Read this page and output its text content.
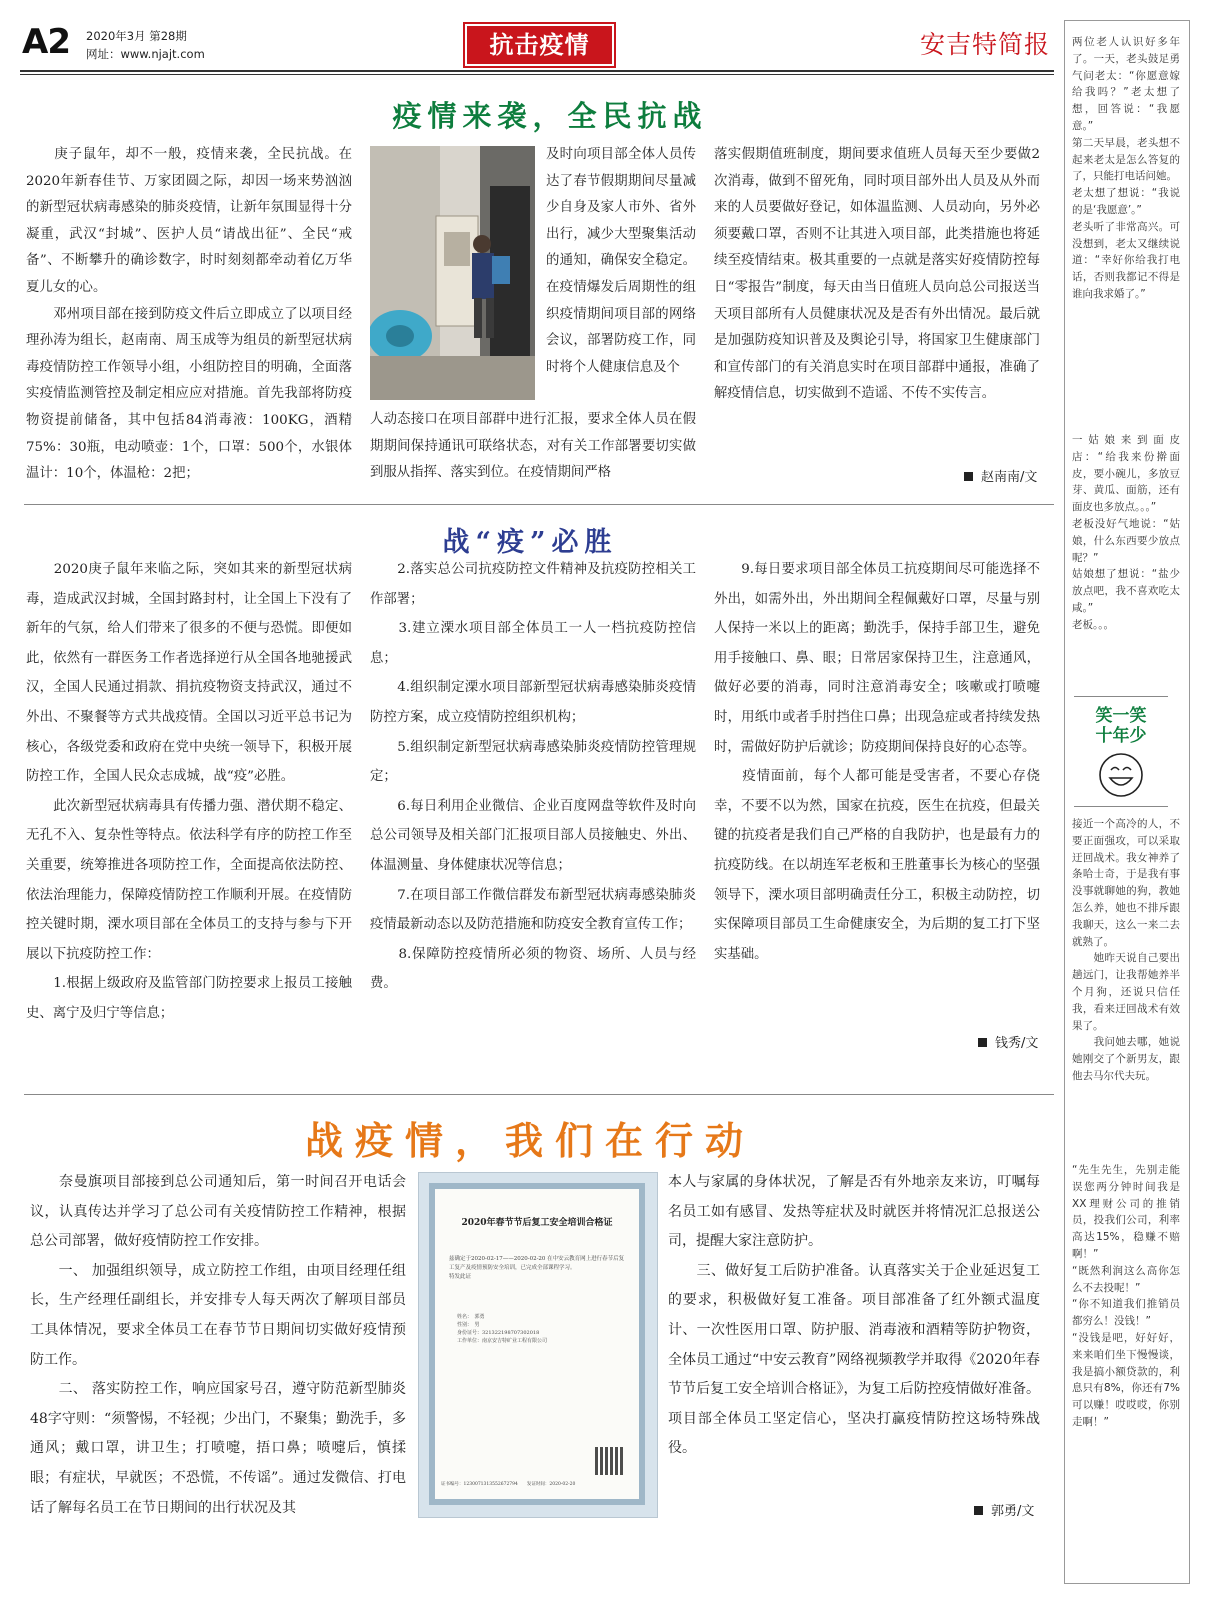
A2 2020年3月 第28期
网址：www.njajt.com	抗击疫情	安吉特简报 两位老人认识好多年了。一天，老头鼓足勇气问老太：“你愿意嫁给我吗？”老太想了想，回答说：“我愿意。”
第二天早晨，老头想不起来老太是怎么答复的了，只能打电话问她。
老太想了想说：“我说的是‘我愿意’。”
老头听了非常高兴。可没想到，老太又继续说道：“幸好你给我打电话，否则我都记不得是谁向我求婚了。”
一姑娘来到面皮店：“给我来份擀面皮，要小碗儿，多放豆芽、黄瓜、面筋，还有面皮也多放点。。。”
老板没好气地说：“姑娘，什么东西要少放点呢？”
姑娘想了想说：“盐少放点吧，我不喜欢吃太咸。”
老板。。。
笑一笑十年少
接近一个高冷的人，不要正面强攻，可以采取迂回战术。我女神养了条哈士奇，于是我有事没事就聊她的狗，教她怎么养，她也不排斥跟我聊天，这么一来二去就熟了。
　　她昨天说自己要出趟远门，让我帮她养半个月狗，还说只信任我，看来迂回战术有效果了。
　　我问她去哪，她说她刚交了个新男友，跟他去马尔代夫玩。
“先生先生，先别走能误您两分钟时间我是XX理财公司的推销员，投我们公司，利率高达15%，稳赚不赔啊！”
“既然利润这么高你怎么不去投呢！”
“你不知道我们推销员都穷么！没钱！”
“没钱是吧，好好好，来来咱们坐下慢慢谈，我是搞小额贷款的，利息只有8%，你还有7%可以赚！哎哎哎，你别走啊！”
疫情来袭，全民抗战

　　庚子鼠年，却不一般，疫情来袭，全民抗战。在2020年新春佳节、万家团圆之际，却因一场来势汹汹的新型冠状病毒感染的肺炎疫情，让新年氛围显得十分凝重，武汉“封城”、医护人员“请战出征”、全民“戒备”、不断攀升的确诊数字，时时刻刻都牵动着亿万华夏儿女的心。
　　邓州项目部在接到防疫文件后立即成立了以项目经理孙涛为组长，赵南南、周玉成等为组员的新型冠状病毒疫情防控工作领导小组，小组防控目的明确，全面落实疫情监测管控及制定相应应对措施。首先我部将防疫物资提前储备，其中包括84消毒液：100KG，酒精75%：30瓶，电动喷壶：1个，口罩：500个，水银体温计：10个，体温枪：2把；

及时向项目部全体人员传达了春节假期期间尽量减少自身及家人市外、省外出行，减少大型聚集活动的通知，确保安全稳定。在疫情爆发后周期性的组织疫情期间项目部的网络会议，部署防疫工作，同时将个人健康信息及个

人动态接口在项目部群中进行汇报，要求全体人员在假期期间保持通讯可联络状态，对有关工作部署要切实做到服从指挥、落实到位。在疫情期间严格

落实假期值班制度，期间要求值班人员每天至少要做2次消毒，做到不留死角，同时项目部外出人员及从外而来的人员要做好登记，如体温监测、人员动向，另外必须要戴口罩，否则不让其进入项目部，此类措施也将延续至疫情结束。极其重要的一点就是落实好疫情防控每日“零报告”制度，每天由当日值班人员向总公司报送当天项目部所有人员健康状况及是否有外出情况。最后就是加强防疫知识普及及舆论引导，将国家卫生健康部门和宣传部门的有关消息实时在项目部群中通报，准确了解疫情信息，切实做到不造谣、不传不实传言。

赵南南/文
战“疫”必胜

　　2020庚子鼠年来临之际，突如其来的新型冠状病毒，造成武汉封城，全国封路封村，让全国上下没有了新年的气氛，给人们带来了很多的不便与恐慌。即便如此，依然有一群医务工作者选择逆行从全国各地驰援武汉，全国人民通过捐款、捐抗疫物资支持武汉，通过不外出、不聚餐等方式共战疫情。全国以习近平总书记为核心，各级党委和政府在党中央统一领导下，积极开展防控工作，全国人民众志成城，战“疫”必胜。
　　此次新型冠状病毒具有传播力强、潜伏期不稳定、无孔不入、复杂性等特点。依法科学有序的防控工作至关重要，统筹推进各项防控工作，全面提高依法防控、依法治理能力，保障疫情防控工作顺利开展。在疫情防控关键时期，溧水项目部在全体员工的支持与参与下开展以下抗疫防控工作：
　　1.根据上级政府及监管部门防控要求上报员工接触史、离宁及归宁等信息；

　　2.落实总公司抗疫防控文件精神及抗疫防控相关工作部署；
　　3.建立溧水项目部全体员工一人一档抗疫防控信息；
　　4.组织制定溧水项目部新型冠状病毒感染肺炎疫情防控方案，成立疫情防控组织机构；
　　5.组织制定新型冠状病毒感染肺炎疫情防控管理规定；
　　6.每日利用企业微信、企业百度网盘等软件及时向总公司领导及相关部门汇报项目部人员接触史、外出、体温测量、身体健康状况等信息；
　　7.在项目部工作微信群发布新型冠状病毒感染肺炎疫情最新动态以及防范措施和防疫安全教育宣传工作；
　　8.保障防控疫情所必须的物资、场所、人员与经费。

　　9.每日要求项目部全体员工抗疫期间尽可能选择不外出，如需外出，外出期间全程佩戴好口罩，尽量与别人保持一米以上的距离；勤洗手，保持手部卫生，避免用手接触口、鼻、眼；日常居家保持卫生，注意通风，做好必要的消毒，同时注意消毒安全；咳嗽或打喷嚏时，用纸巾或者手肘挡住口鼻；出现急症或者持续发热时，需做好防护后就诊；防疫期间保持良好的心态等。
　　疫情面前，每个人都可能是受害者，不要心存侥幸，不要不以为然，国家在抗疫，医生在抗疫，但最关键的抗疫者是我们自己严格的自我防护，也是最有力的抗疫防线。在以胡连军老板和王胜董事长为核心的坚强领导下，溧水项目部明确责任分工，积极主动防控，切实保障项目部员工生命健康安全，为后期的复工打下坚实基础。

钱秀/文
战疫情，我们在行动

　　奈曼旗项目部接到总公司通知后，第一时间召开电话会议，认真传达并学习了总公司有关疫情防控工作精神，根据总公司部署，做好疫情防控工作安排。
　　一、 加强组织领导，成立防控工作组，由项目经理任组长，生产经理任副组长，并安排专人每天两次了解项目部员工具体情况，要求全体员工在春节节日期间切实做好疫情预防工作。
　　二、 落实防控工作，响应国家号召，遵守防范新型肺炎48字守则：“须警惕，不轻视；少出门，不聚集；勤洗手，多通风；戴口罩，讲卫生；打喷嚏，捂口鼻；喷嚏后，慎揉眼；有症状，早就医；不恐慌，不传谣”。通过发微信、打电话了解每名员工在节日期间的出行状况及其

2020年春节节后复工安全培训合格证
兹确定于2020-02-17——2020-02-20 在中安云教育网上进行春节后复工复产及疫情预防安全培训，已完成全部课程学习。
特发此证
姓名：　郭勇
性别：　男
身份证号：321322198707302018
工作单位：南京安吉特矿业工程有限公司
证书编号：1230071313552672794　　发证时间：2020-02-20

本人与家属的身体状况，了解是否有外地亲友来访，叮嘱每名员工如有感冒、发热等症状及时就医并将情况汇总报送公司，提醒大家注意防护。
　　三、做好复工后防护准备。认真落实关于企业延迟复工的要求，积极做好复工准备。项目部准备了红外额式温度计、一次性医用口罩、防护服、消毒液和酒精等防护物资，全体员工通过“中安云教育”网络视频教学并取得《2020年春节节后复工安全培训合格证》，为复工后防控疫情做好准备。项目部全体员工坚定信心，坚决打赢疫情防控这场特殊战役。

郭勇/文
